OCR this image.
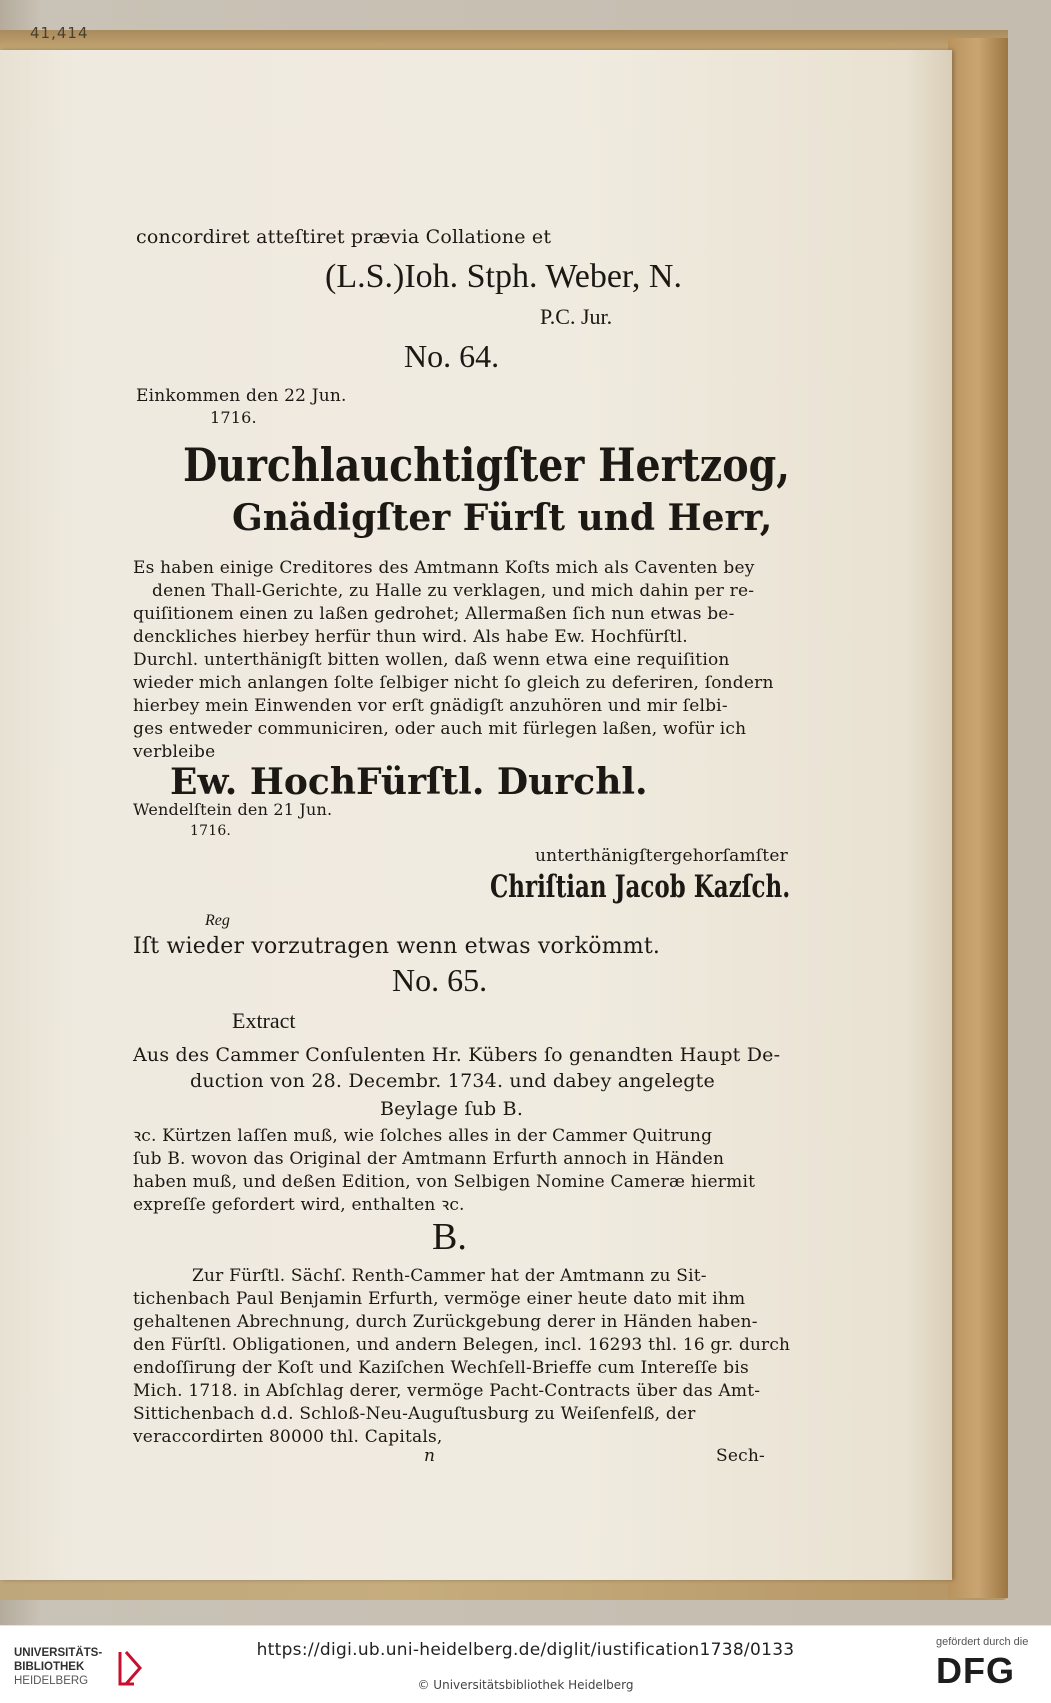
41,414
concordiret atteſtiret prævia Collatione et
(L.S.)Ioh. Stph. Weber, N.
P.C. Jur.
No. 64.
Einkommen den 22 Jun.
1716.
Durchlauchtigſter Hertzog,
Gnädigſter Fürſt und Herr,
Es haben einige Creditores des Amtmann Koſts mich als Caventen bey
denen Thall-Gerichte, zu Halle zu verklagen, und mich dahin per re-
quiſitionem einen zu laßen gedrohet; Allermaßen ſich nun etwas be-
denckliches hierbey herfür thun wird. Als habe Ew. Hochfürſtl.
Durchl. unterthänigſt bitten wollen, daß wenn etwa eine requiſition
wieder mich anlangen ſolte ſelbiger nicht ſo gleich zu deferiren, ſondern
hierbey mein Einwenden vor erſt gnädigſt anzuhören und mir ſelbi-
ges entweder communiciren, oder auch mit fürlegen laßen, wofür ich
verbleibe
Ew. HochFürſtl. Durchl.
Wendelſtein den 21 Jun.
1716.
unterthänigſtergehorſamſter
Chriſtian Jacob Kazſch.
Reg
Iſt wieder vorzutragen wenn etwas vorkömmt.
No. 65.
Extract
Aus des Cammer Conſulenten Hr. Kübers ſo genandten Haupt De-
duction von 28. Decembr. 1734. und dabey angelegte
Beylage ſub B.
ꝛc. Kürtzen laſſen muß, wie ſolches alles in der Cammer Quitrung
ſub B. wovon das Original der Amtmann Erfurth annoch in Händen
haben muß, und deßen Edition, von Selbigen Nomine Cameræ hiermit
expreſſe gefordert wird, enthalten ꝛc.
B.
Zur Fürſtl. Sächſ. Renth-Cammer hat der Amtmann zu Sit-
tichenbach Paul Benjamin Erfurth, vermöge einer heute dato mit ihm
gehaltenen Abrechnung, durch Zurückgebung derer in Händen haben-
den Fürſtl. Obligationen, und andern Belegen, incl. 16293 thl. 16 gr. durch
endoſſirung der Koſt und Kaziſchen Wechſell-Brieffe cum Intereſſe bis
Mich. 1718. in Abſchlag derer, vermöge Pacht-Contracts über das Amt-
Sittichenbach d.d. Schloß-Neu-Auguſtusburg zu Weiſenfelß, der
veraccordirten 80000 thl. Capitals,
n	Sech-
UNIVERSITÄTS-
BIBLIOTHEK
HEIDELBERG
https://digi.ub.uni-heidelberg.de/diglit/iustification1738/0133
© Universitätsbibliothek Heidelberg
gefördert durch die
DFG
